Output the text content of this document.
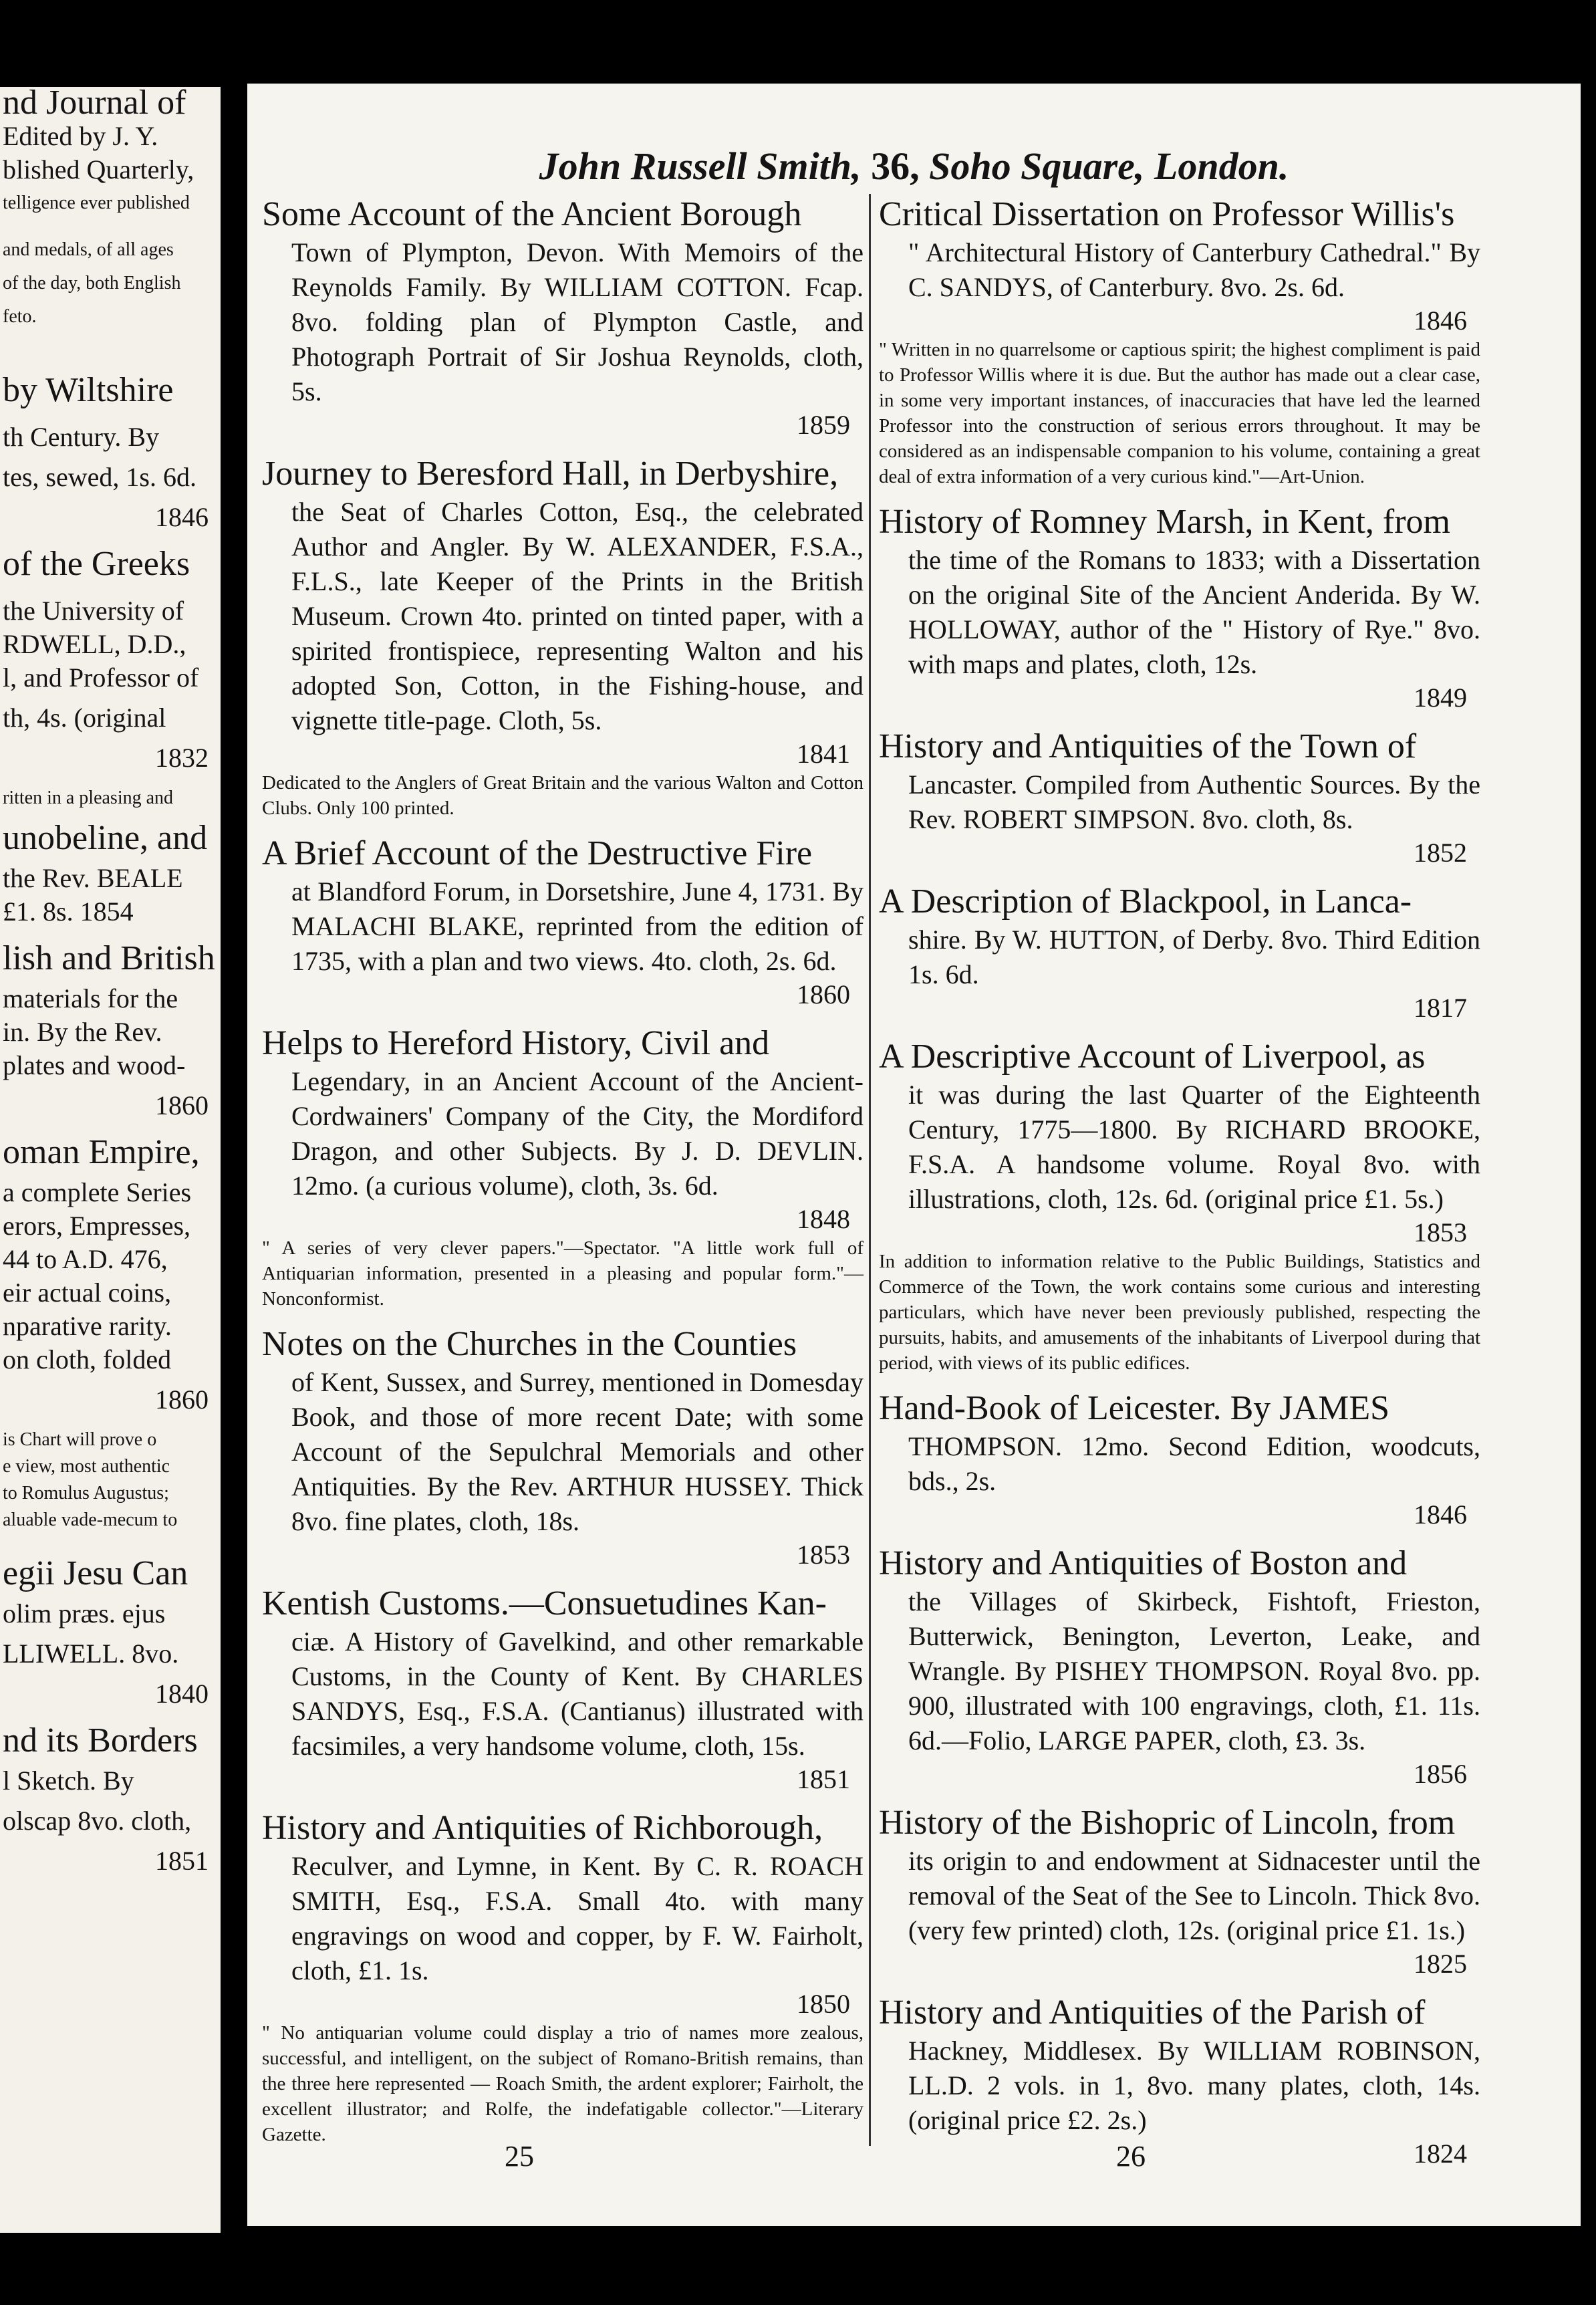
nd Journal of
Edited by J. Y.
blished Quarterly,
telligence ever published
and medals, of all ages
of the day, both English
feto.
by Wiltshire
th Century. By
tes, sewed, 1s. 6d.
1846
of the Greeks
the University of
RDWELL, D.D.,
l, and Professor of
th, 4s. (original
1832
ritten in a pleasing and
unobeline, and
the Rev. BEALE
£1. 8s. 1854
lish and British
materials for the
in. By the Rev.
plates and wood-
1860
oman Empire,
a complete Series
erors, Empresses,
44 to A.D. 476,
eir actual coins,
nparative rarity.
on cloth, folded
1860
is Chart will prove o
e view, most authentic
to Romulus Augustus;
aluable vade-mecum to
egii Jesu Can
olim præs. ejus
LLIWELL. 8vo.
1840
nd its Borders
l Sketch. By
olscap 8vo. cloth,
1851
John Russell Smith, 36, Soho Square, London.
Some Account of the Ancient Borough
Town of Plympton, Devon. With Memoirs of the Reynolds Family. By WILLIAM COTTON. Fcap. 8vo. folding plan of Plympton Castle, and Photograph Portrait of Sir Joshua Reynolds, cloth, 5s.
1859
Journey to Beresford Hall, in Derbyshire,
the Seat of Charles Cotton, Esq., the celebrated Author and Angler. By W. ALEXANDER, F.S.A., F.L.S., late Keeper of the Prints in the British Museum. Crown 4to. printed on tinted paper, with a spirited frontispiece, representing Walton and his adopted Son, Cotton, in the Fishing-house, and vignette title-page. Cloth, 5s.
1841
Dedicated to the Anglers of Great Britain and the various Walton and Cotton Clubs. Only 100 printed.
A Brief Account of the Destructive Fire
at Blandford Forum, in Dorsetshire, June 4, 1731. By MALACHI BLAKE, reprinted from the edition of 1735, with a plan and two views. 4to. cloth, 2s. 6d.
1860
Helps to Hereford History, Civil and
Legendary, in an Ancient Account of the Ancient-Cordwainers' Company of the City, the Mordiford Dragon, and other Subjects. By J. D. DEVLIN. 12mo. (a curious volume), cloth, 3s. 6d.
1848
" A series of very clever papers."—Spectator. "A little work full of Antiquarian information, presented in a pleasing and popular form."—Nonconformist.
Notes on the Churches in the Counties
of Kent, Sussex, and Surrey, mentioned in Domesday Book, and those of more recent Date; with some Account of the Sepulchral Memorials and other Antiquities. By the Rev. ARTHUR HUSSEY. Thick 8vo. fine plates, cloth, 18s.
1853
Kentish Customs.—Consuetudines Kan-
ciæ. A History of Gavelkind, and other remarkable Customs, in the County of Kent. By CHARLES SANDYS, Esq., F.S.A. (Cantianus) illustrated with facsimiles, a very handsome volume, cloth, 15s.
1851
History and Antiquities of Richborough,
Reculver, and Lymne, in Kent. By C. R. ROACH SMITH, Esq., F.S.A. Small 4to. with many engravings on wood and copper, by F. W. Fairholt, cloth, £1. 1s.
1850
" No antiquarian volume could display a trio of names more zealous, successful, and intelligent, on the subject of Romano-British remains, than the three here represented — Roach Smith, the ardent explorer; Fairholt, the excellent illustrator; and Rolfe, the indefatigable collector."—Literary Gazette.
Critical Dissertation on Professor Willis's
" Architectural History of Canterbury Cathedral." By C. SANDYS, of Canterbury. 8vo. 2s. 6d.
1846
" Written in no quarrelsome or captious spirit; the highest compliment is paid to Professor Willis where it is due. But the author has made out a clear case, in some very important instances, of inaccuracies that have led the learned Professor into the construction of serious errors throughout. It may be considered as an indispensable companion to his volume, containing a great deal of extra information of a very curious kind."—Art-Union.
History of Romney Marsh, in Kent, from
the time of the Romans to 1833; with a Dissertation on the original Site of the Ancient Anderida. By W. HOLLOWAY, author of the " History of Rye." 8vo. with maps and plates, cloth, 12s.
1849
History and Antiquities of the Town of
Lancaster. Compiled from Authentic Sources. By the Rev. ROBERT SIMPSON. 8vo. cloth, 8s.
1852
A Description of Blackpool, in Lanca-
shire. By W. HUTTON, of Derby. 8vo. Third Edition 1s. 6d.
1817
A Descriptive Account of Liverpool, as
it was during the last Quarter of the Eighteenth Century, 1775—1800. By RICHARD BROOKE, F.S.A. A handsome volume. Royal 8vo. with illustrations, cloth, 12s. 6d. (original price £1. 5s.)
1853
In addition to information relative to the Public Buildings, Statistics and Commerce of the Town, the work contains some curious and interesting particulars, which have never been previously published, respecting the pursuits, habits, and amusements of the inhabitants of Liverpool during that period, with views of its public edifices.
Hand-Book of Leicester. By JAMES
THOMPSON. 12mo. Second Edition, woodcuts, bds., 2s.
1846
History and Antiquities of Boston and
the Villages of Skirbeck, Fishtoft, Frieston, Butterwick, Benington, Leverton, Leake, and Wrangle. By PISHEY THOMPSON. Royal 8vo. pp. 900, illustrated with 100 engravings, cloth, £1. 11s. 6d.—Folio, LARGE PAPER, cloth, £3. 3s.
1856
History of the Bishopric of Lincoln, from
its origin to and endowment at Sidnacester until the removal of the Seat of the See to Lincoln. Thick 8vo. (very few printed) cloth, 12s. (original price £1. 1s.)
1825
History and Antiquities of the Parish of
Hackney, Middlesex. By WILLIAM ROBINSON, LL.D. 2 vols. in 1, 8vo. many plates, cloth, 14s. (original price £2. 2s.)
1824
25	26
